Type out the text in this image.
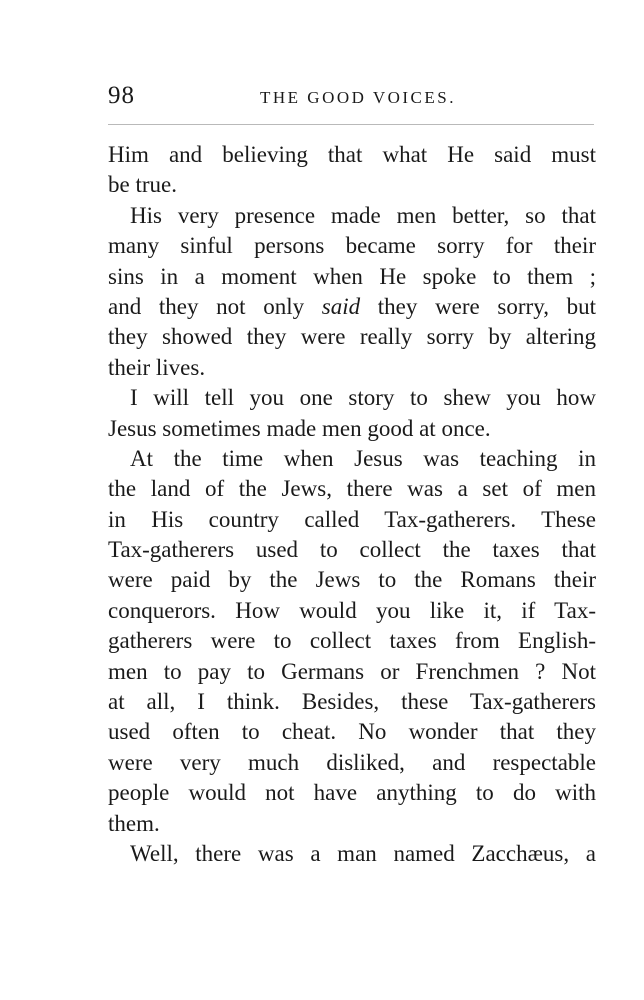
98	THE GOOD VOICES.
Him and believing that what He said must
be true.
His very presence made men better, so that
many sinful persons became sorry for their
sins in a moment when He spoke to them ;
and they not only said they were sorry, but
they showed they were really sorry by altering
their lives.
I will tell you one story to shew you how
Jesus sometimes made men good at once.
At the time when Jesus was teaching in
the land of the Jews, there was a set of men
in His country called Tax-gatherers. These
Tax-gatherers used to collect the taxes that
were paid by the Jews to the Romans their
conquerors. How would you like it, if Tax-
gatherers were to collect taxes from English-
men to pay to Germans or Frenchmen ? Not
at all, I think. Besides, these Tax-gatherers
used often to cheat. No wonder that they
were very much disliked, and respectable
people would not have anything to do with
them.
Well, there was a man named Zacchæus, a
